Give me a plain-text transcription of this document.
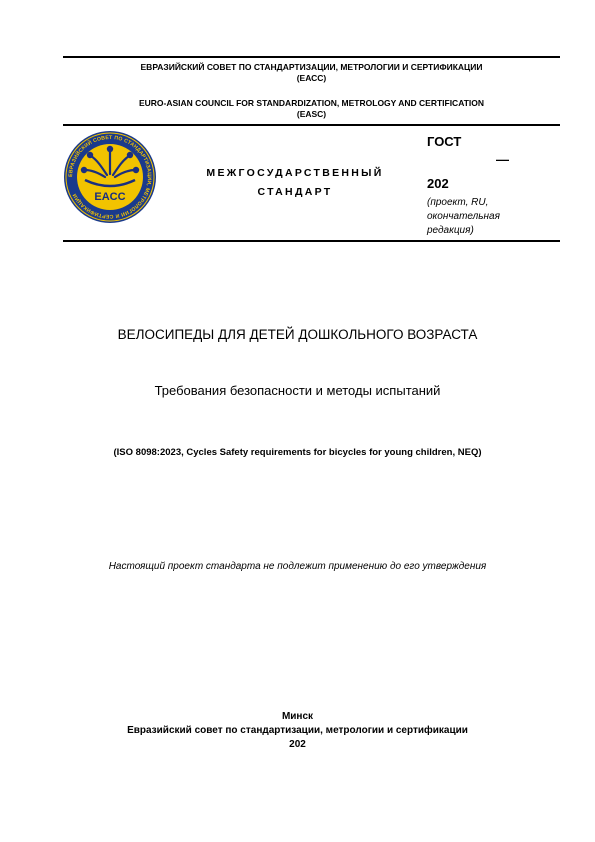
ЕВРАЗИЙСКИЙ СОВЕТ ПО СТАНДАРТИЗАЦИИ, МЕТРОЛОГИИ И СЕРТИФИКАЦИИ
(ЕАСС)
EURO-ASIAN COUNCIL FOR STANDARDIZATION, METROLOGY AND CERTIFICATION
(EASC)
ЕВРАЗИЙСКИЙ СОВЕТ ПО СТАНДАРТИЗАЦИИ, МЕТРОЛОГИИ И СЕРТИФИКАЦИИ	EACC
МЕЖГОСУДАРСТВЕННЫЙ
СТАНДАРТ
ГОСТ
—
202
(проект, RU,
окончательная
редакция)
ВЕЛОСИПЕДЫ ДЛЯ ДЕТЕЙ ДОШКОЛЬНОГО ВОЗРАСТА
Требования безопасности и методы испытаний
(ISO 8098:2023, Cycles Safety requirements for bicycles for young children, NEQ)
Настоящий проект стандарта не подлежит применению до его утверждения
Минск
Евразийский совет по стандартизации, метрологии и сертификации
202
